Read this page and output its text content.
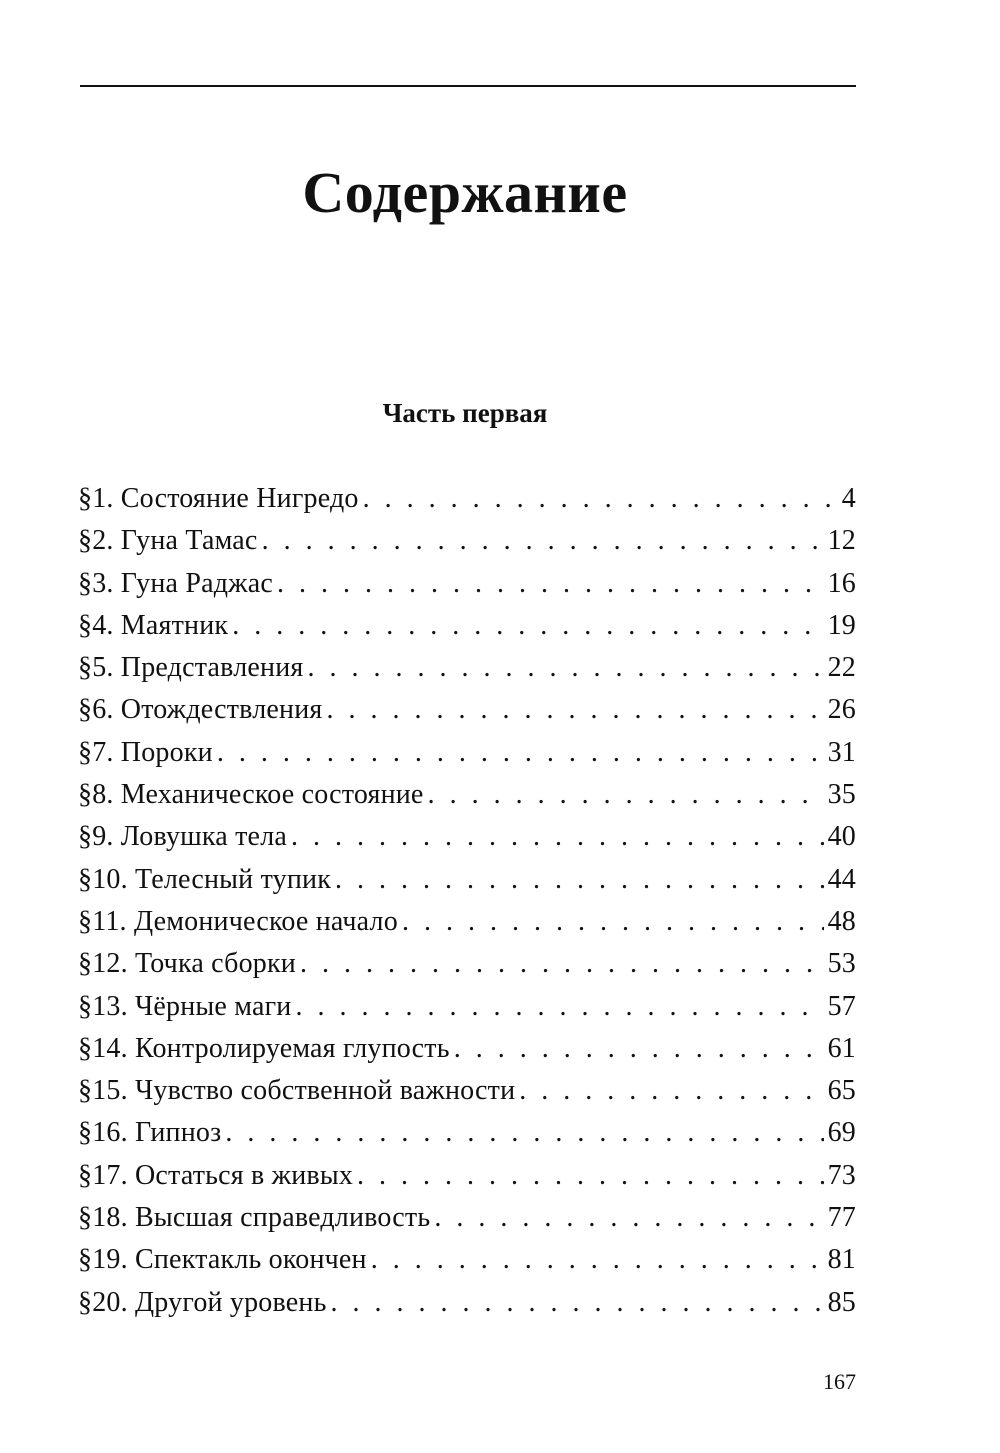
Содержание
Часть первая
§1. Состояние Нигредо . . .	4
§2. Гуна Тамас . . .	12
§3. Гуна Раджас . . .	16
§4. Маятник . . .	19
§5. Представления . . .	22
§6. Отождествления . . .	26
§7. Пороки . . .	31
§8. Механическое состояние . . .	35
§9. Ловушка тела . . .	40
§10. Телесный тупик . . .	44
§11. Демоническое начало . . .	48
§12. Точка сборки . . .	53
§13. Чёрные маги . . .	57
§14. Контролируемая глупость . . .	61
§15. Чувство собственной важности . . .	65
§16. Гипноз . . .	69
§17. Остаться в живых . . .	73
§18. Высшая справедливость . . .	77
§19. Спектакль окончен . . .	81
§20. Другой уровень . . .	85
167
